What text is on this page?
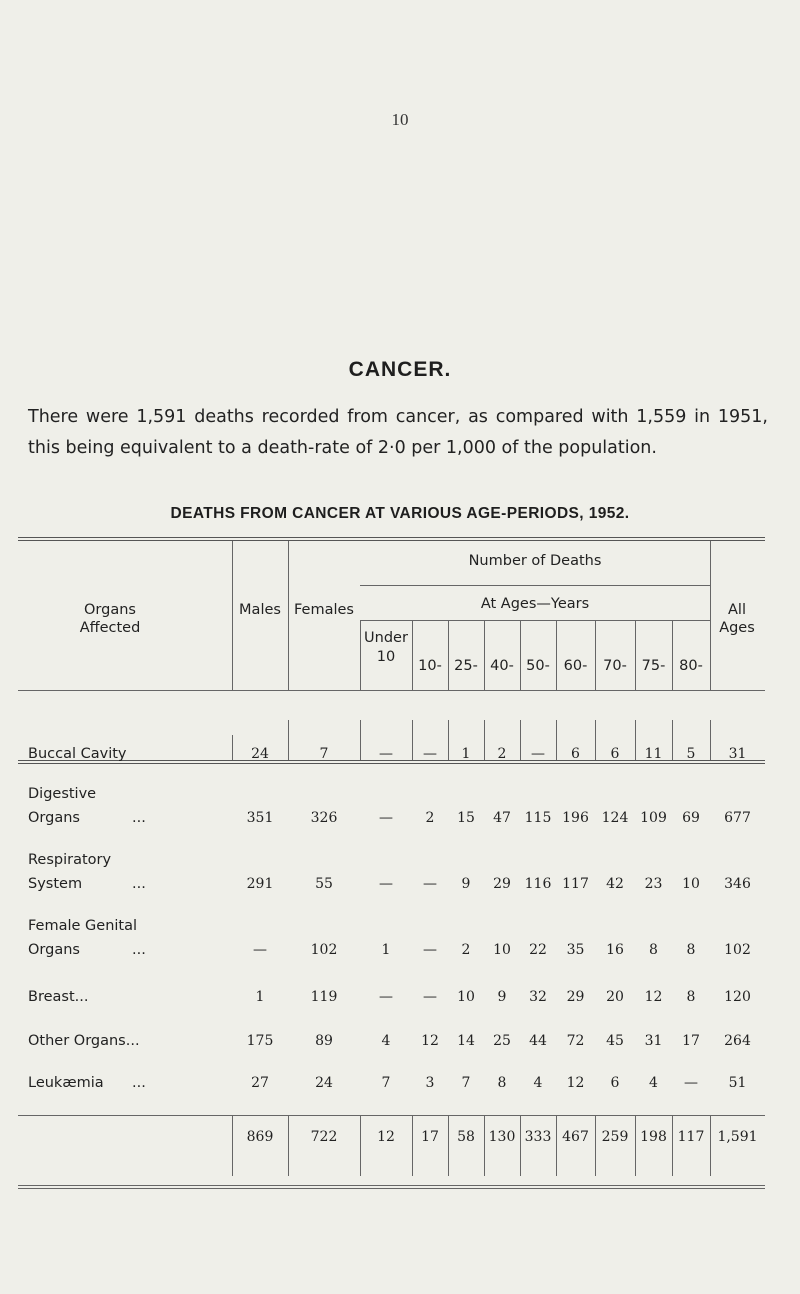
10
CANCER.
There were 1,591 deaths recorded from cancer, as compared with 1,559 in 1951, this being equivalent to a death-rate of 2·0 per 1,000 of the population.
DEATHS FROM CANCER AT VARIOUS AGE-PERIODS, 1952.
Organs
Affected
Males Females
Number of Deaths
At Ages—Years	All
Ages
Under
10
10- 25- 40- 50- 60-	70-	75- 80-
Buccal Cavity	24	7	—	—	1	2	—	6	6	11	5	31
Digestive
Organs	...	351	326	—	2	15	47 115 196 124 109	69	677
Respiratory
System	...	291	55	—	—	9	29 116 117	42	23	10	346
Female Genital
Organs	...	—	102	1	—	2	10	22	35	16	8	8	102
Breast...	1	119	—	—	10	9	32	29	20	12	8	120
Other Organs...	175	89	4	12	14	25	44	72	45	31	17	264
Leukæmia ...	27	24	7	3	7	8	4	12	6	4	—	51
869	722	12	17	58 130 333 467 259 198 117 1,591
